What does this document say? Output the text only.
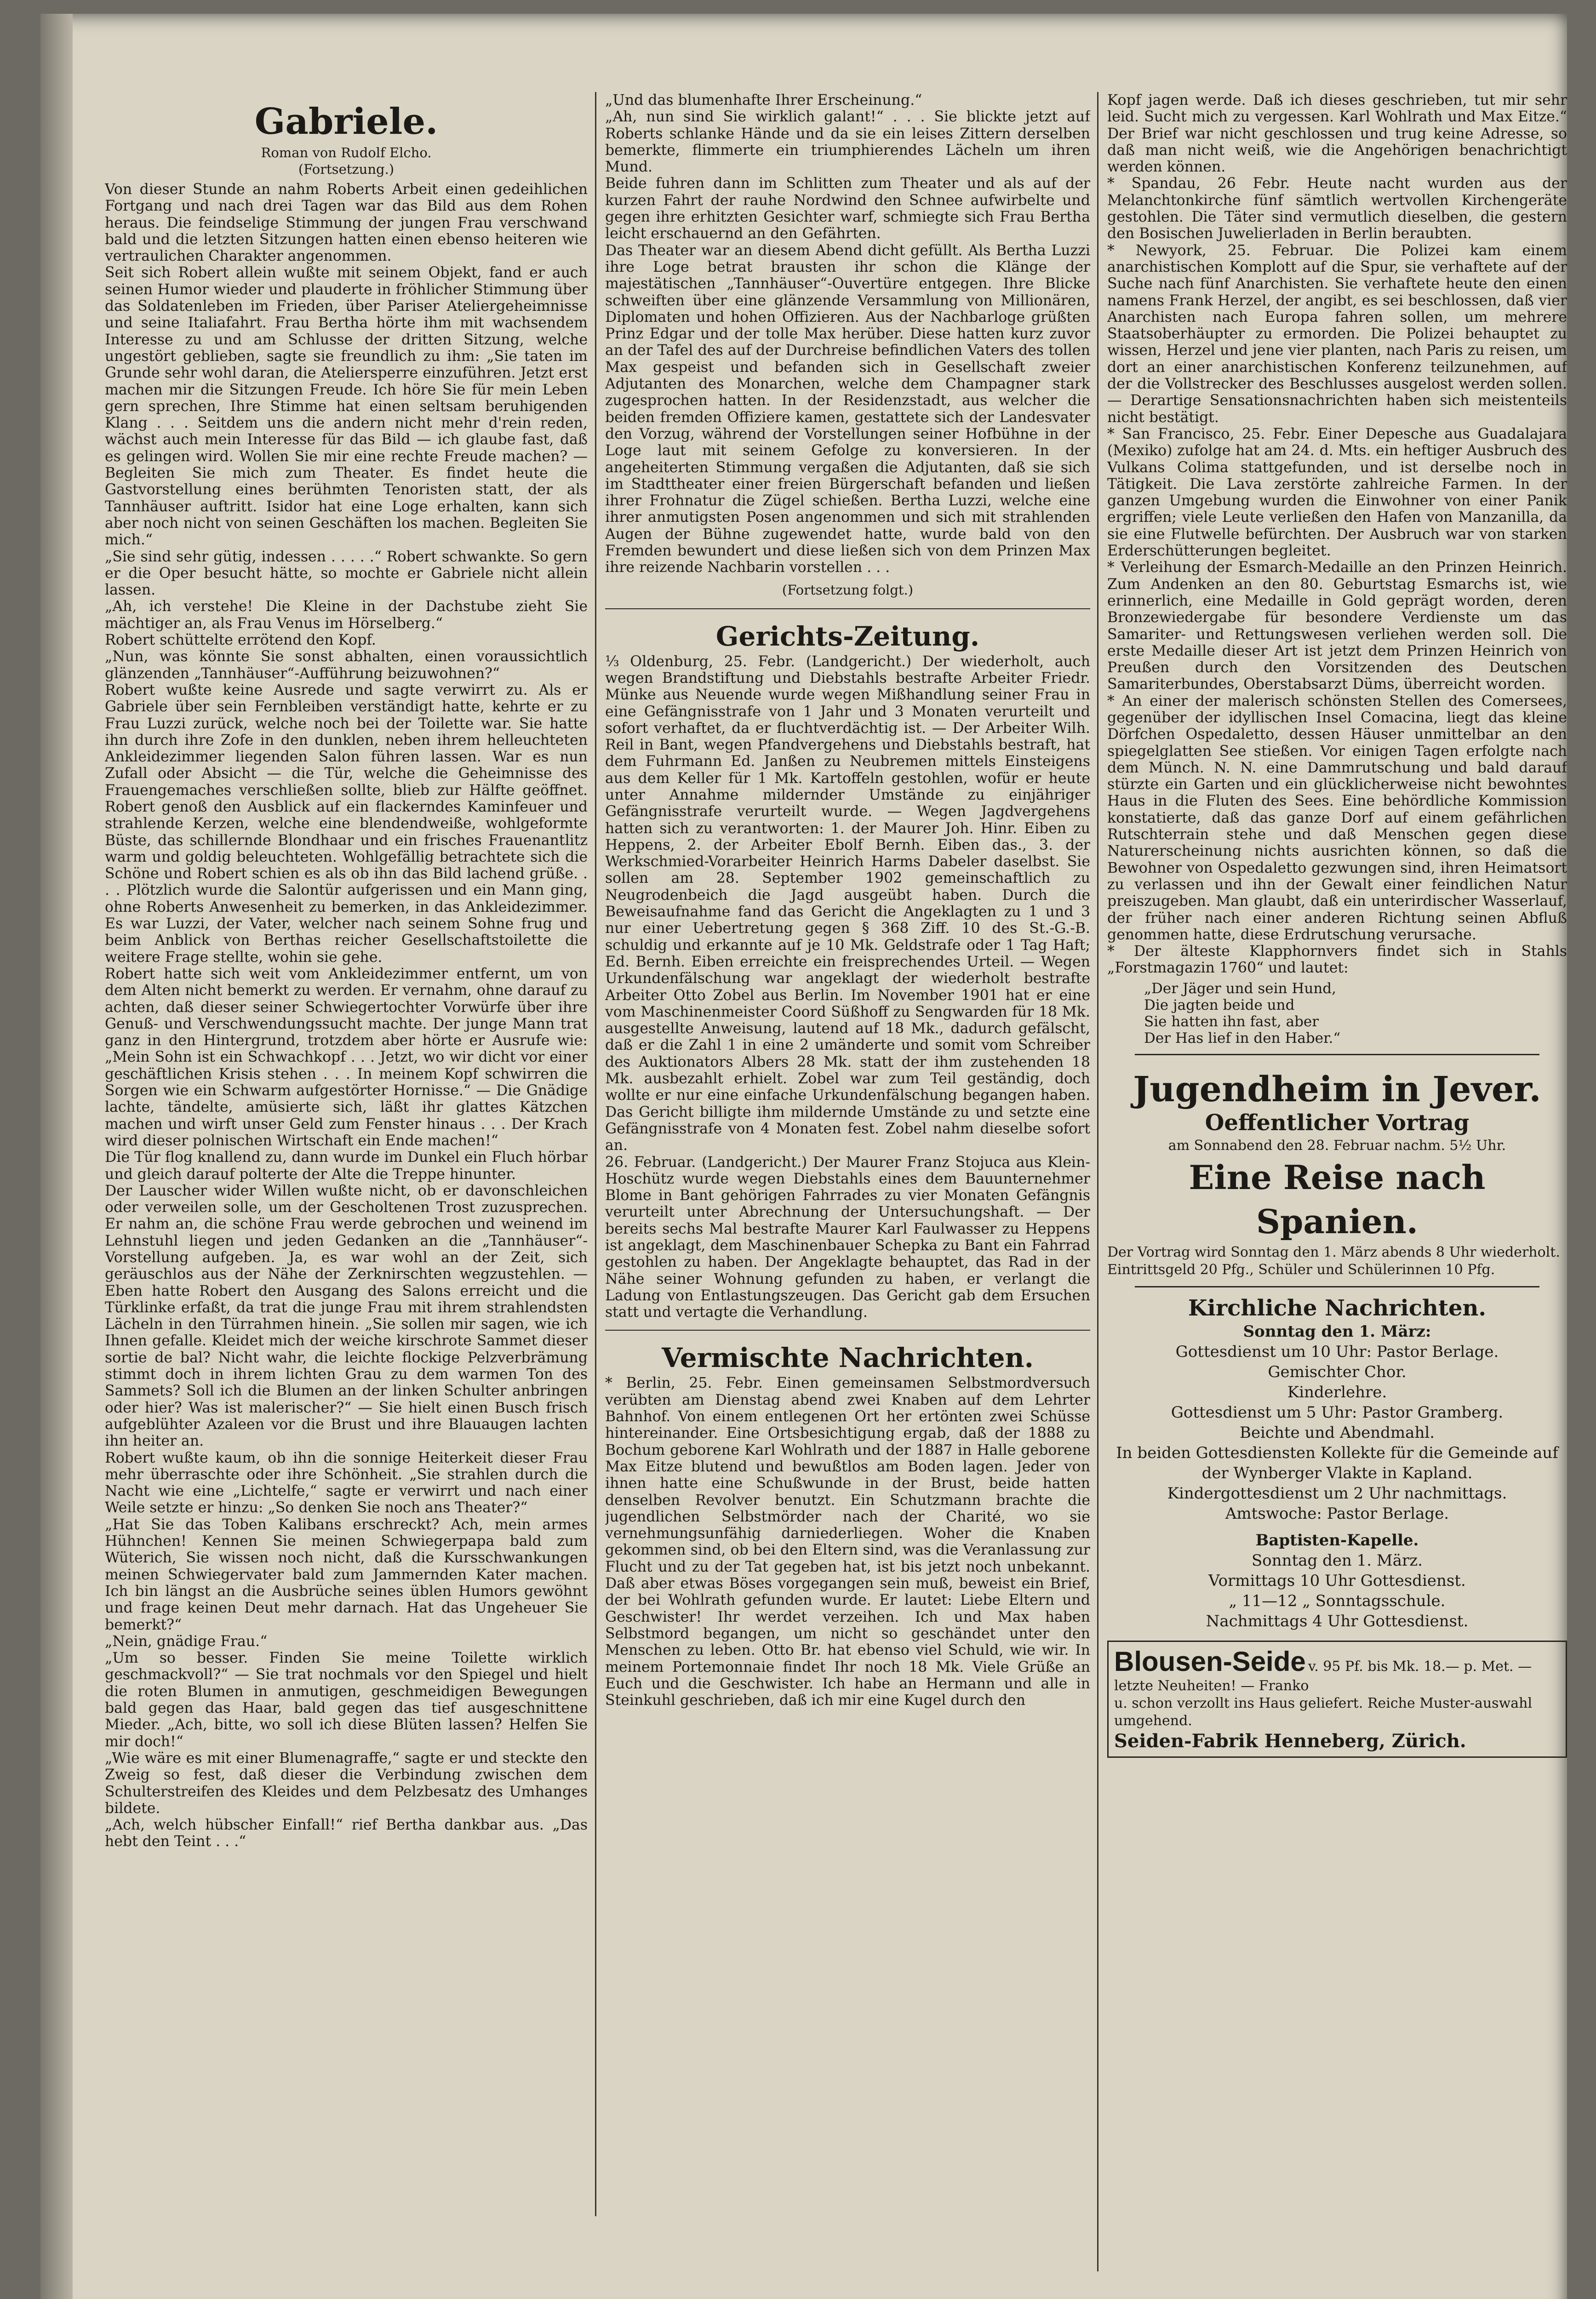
Gabriele.
Roman von Rudolf Elcho.
(Fortsetzung.)

Von dieser Stunde an nahm Roberts Arbeit einen gedeihlichen Fortgang und nach drei Tagen war das Bild aus dem Rohen heraus. Die feindselige Stimmung der jungen Frau verschwand bald und die letzten Sitzungen hatten einen ebenso heiteren wie vertraulichen Charakter angenommen.

Seit sich Robert allein wußte mit seinem Objekt, fand er auch seinen Humor wieder und plauderte in fröhlicher Stimmung über das Soldatenleben im Frieden, über Pariser Ateliergeheimnisse und seine Italiafahrt. Frau Bertha hörte ihm mit wachsendem Interesse zu und am Schlusse der dritten Sitzung, welche ungestört geblieben, sagte sie freundlich zu ihm: „Sie taten im Grunde sehr wohl daran, die Ateliersperre einzuführen. Jetzt erst machen mir die Sitzungen Freude. Ich höre Sie für mein Leben gern sprechen, Ihre Stimme hat einen seltsam beruhigenden Klang . . . Seitdem uns die andern nicht mehr d'rein reden, wächst auch mein Interesse für das Bild — ich glaube fast, daß es gelingen wird. Wollen Sie mir eine rechte Freude machen? — Begleiten Sie mich zum Theater. Es findet heute die Gastvorstellung eines berühmten Tenoristen statt, der als Tannhäuser auftritt. Isidor hat eine Loge erhalten, kann sich aber noch nicht von seinen Geschäften los machen. Begleiten Sie mich.“

„Sie sind sehr gütig, indessen . . . . .“ Robert schwankte. So gern er die Oper besucht hätte, so mochte er Gabriele nicht allein lassen.

„Ah, ich verstehe! Die Kleine in der Dachstube zieht Sie mächtiger an, als Frau Venus im Hörselberg.“

Robert schüttelte errötend den Kopf.

„Nun, was könnte Sie sonst abhalten, einen voraussichtlich glänzenden „Tannhäuser“-Aufführung beizuwohnen?“

Robert wußte keine Ausrede und sagte verwirrt zu. Als er Gabriele über sein Fernbleiben verständigt hatte, kehrte er zu Frau Luzzi zurück, welche noch bei der Toilette war. Sie hatte ihn durch ihre Zofe in den dunklen, neben ihrem helleuchteten Ankleidezimmer liegenden Salon führen lassen. War es nun Zufall oder Absicht — die Tür, welche die Geheimnisse des Frauengemaches verschließen sollte, blieb zur Hälfte geöffnet. Robert genoß den Ausblick auf ein flackerndes Kaminfeuer und strahlende Kerzen, welche eine blendendweiße, wohlgeformte Büste, das schillernde Blondhaar und ein frisches Frauenantlitz warm und goldig beleuchteten. Wohlgefällig betrachtete sich die Schöne und Robert schien es als ob ihn das Bild lachend grüße. . . . Plötzlich wurde die Salontür aufgerissen und ein Mann ging, ohne Roberts Anwesenheit zu bemerken, in das Ankleidezimmer. Es war Luzzi, der Vater, welcher nach seinem Sohne frug und beim Anblick von Berthas reicher Gesellschaftstoilette die weitere Frage stellte, wohin sie gehe.

Robert hatte sich weit vom Ankleidezimmer entfernt, um von dem Alten nicht bemerkt zu werden. Er vernahm, ohne darauf zu achten, daß dieser seiner Schwiegertochter Vorwürfe über ihre Genuß- und Verschwendungssucht machte. Der junge Mann trat ganz in den Hintergrund, trotzdem aber hörte er Ausrufe wie: „Mein Sohn ist ein Schwachkopf . . . Jetzt, wo wir dicht vor einer geschäftlichen Krisis stehen . . . In meinem Kopf schwirren die Sorgen wie ein Schwarm aufgestörter Hornisse.“ — Die Gnädige lachte, tändelte, amüsierte sich, läßt ihr glattes Kätzchen machen und wirft unser Geld zum Fenster hinaus . . . Der Krach wird dieser polnischen Wirtschaft ein Ende machen!“

Die Tür flog knallend zu, dann wurde im Dunkel ein Fluch hörbar und gleich darauf polterte der Alte die Treppe hinunter.

Der Lauscher wider Willen wußte nicht, ob er davonschleichen oder verweilen solle, um der Gescholtenen Trost zuzusprechen. Er nahm an, die schöne Frau werde gebrochen und weinend im Lehnstuhl liegen und jeden Gedanken an die „Tannhäuser“-Vorstellung aufgeben. Ja, es war wohl an der Zeit, sich geräuschlos aus der Nähe der Zerknirschten wegzustehlen. — Eben hatte Robert den Ausgang des Salons erreicht und die Türklinke erfaßt, da trat die junge Frau mit ihrem strahlendsten Lächeln in den Türrahmen hinein. „Sie sollen mir sagen, wie ich Ihnen gefalle. Kleidet mich der weiche kirschrote Sammet dieser sortie de bal? Nicht wahr, die leichte flockige Pelzverbrämung stimmt doch in ihrem lichten Grau zu dem warmen Ton des Sammets? Soll ich die Blumen an der linken Schulter anbringen oder hier? Was ist malerischer?“ — Sie hielt einen Busch frisch aufgeblühter Azaleen vor die Brust und ihre Blauaugen lachten ihn heiter an.

Robert wußte kaum, ob ihn die sonnige Heiterkeit dieser Frau mehr überraschte oder ihre Schönheit. „Sie strahlen durch die Nacht wie eine „Lichtelfe,“ sagte er verwirrt und nach einer Weile setzte er hinzu: „So denken Sie noch ans Theater?“

„Hat Sie das Toben Kalibans erschreckt? Ach, mein armes Hühnchen! Kennen Sie meinen Schwiegerpapa bald zum Wüterich, Sie wissen noch nicht, daß die Kursschwankungen meinen Schwiegervater bald zum Jammernden Kater machen. Ich bin längst an die Ausbrüche seines üblen Humors gewöhnt und frage keinen Deut mehr darnach. Hat das Ungeheuer Sie bemerkt?“

„Nein, gnädige Frau.“

„Um so besser. Finden Sie meine Toilette wirklich geschmackvoll?“ — Sie trat nochmals vor den Spiegel und hielt die roten Blumen in anmutigen, geschmeidigen Bewegungen bald gegen das Haar, bald gegen das tief ausgeschnittene Mieder. „Ach, bitte, wo soll ich diese Blüten lassen? Helfen Sie mir doch!“

„Wie wäre es mit einer Blumenagraffe,“ sagte er und steckte den Zweig so fest, daß dieser die Verbindung zwischen dem Schulterstreifen des Kleides und dem Pelzbesatz des Umhanges bildete.

„Ach, welch hübscher Einfall!“ rief Bertha dankbar aus. „Das hebt den Teint . . .“

„Und das blumenhafte Ihrer Erscheinung.“

„Ah, nun sind Sie wirklich galant!“ . . . Sie blickte jetzt auf Roberts schlanke Hände und da sie ein leises Zittern derselben bemerkte, flimmerte ein triumphierendes Lächeln um ihren Mund.

Beide fuhren dann im Schlitten zum Theater und als auf der kurzen Fahrt der rauhe Nordwind den Schnee aufwirbelte und gegen ihre erhitzten Gesichter warf, schmiegte sich Frau Bertha leicht erschauernd an den Gefährten.

Das Theater war an diesem Abend dicht gefüllt. Als Bertha Luzzi ihre Loge betrat brausten ihr schon die Klänge der majestätischen „Tannhäuser“-Ouvertüre entgegen. Ihre Blicke schweiften über eine glänzende Versammlung von Millionären, Diplomaten und hohen Offizieren. Aus der Nachbarloge grüßten Prinz Edgar und der tolle Max herüber. Diese hatten kurz zuvor an der Tafel des auf der Durchreise befindlichen Vaters des tollen Max gespeist und befanden sich in Gesellschaft zweier Adjutanten des Monarchen, welche dem Champagner stark zugesprochen hatten. In der Residenzstadt, aus welcher die beiden fremden Offiziere kamen, gestattete sich der Landesvater den Vorzug, während der Vorstellungen seiner Hofbühne in der Loge laut mit seinem Gefolge zu konversieren. In der angeheiterten Stimmung vergaßen die Adjutanten, daß sie sich im Stadttheater einer freien Bürgerschaft befanden und ließen ihrer Frohnatur die Zügel schießen. Bertha Luzzi, welche eine ihrer anmutigsten Posen angenommen und sich mit strahlenden Augen der Bühne zugewendet hatte, wurde bald von den Fremden bewundert und diese ließen sich von dem Prinzen Max ihre reizende Nachbarin vorstellen . . .

(Fortsetzung folgt.)
Gerichts-Zeitung.

⅓ Oldenburg, 25. Febr. (Landgericht.) Der wiederholt, auch wegen Brandstiftung und Diebstahls bestrafte Arbeiter Friedr. Münke aus Neuende wurde wegen Mißhandlung seiner Frau in eine Gefängnisstrafe von 1 Jahr und 3 Monaten verurteilt und sofort verhaftet, da er fluchtverdächtig ist. — Der Arbeiter Wilh. Reil in Bant, wegen Pfandvergehens und Diebstahls bestraft, hat dem Fuhrmann Ed. Janßen zu Neubremen mittels Einsteigens aus dem Keller für 1 Mk. Kartoffeln gestohlen, wofür er heute unter Annahme mildernder Umstände zu einjähriger Gefängnisstrafe verurteilt wurde. — Wegen Jagdvergehens hatten sich zu verantworten: 1. der Maurer Joh. Hinr. Eiben zu Heppens, 2. der Arbeiter Ebolf Bernh. Eiben das., 3. der Werkschmied-Vorarbeiter Heinrich Harms Dabeler daselbst. Sie sollen am 28. September 1902 gemeinschaftlich zu Neugrodenbeich die Jagd ausgeübt haben. Durch die Beweisaufnahme fand das Gericht die Angeklagten zu 1 und 3 nur einer Uebertretung gegen § 368 Ziff. 10 des St.-G.-B. schuldig und erkannte auf je 10 Mk. Geldstrafe oder 1 Tag Haft; Ed. Bernh. Eiben erreichte ein freisprechendes Urteil. — Wegen Urkundenfälschung war angeklagt der wiederholt bestrafte Arbeiter Otto Zobel aus Berlin. Im November 1901 hat er eine vom Maschinenmeister Coord Süßhoff zu Sengwarden für 18 Mk. ausgestellte Anweisung, lautend auf 18 Mk., dadurch gefälscht, daß er die Zahl 1 in eine 2 umänderte und somit vom Schreiber des Auktionators Albers 28 Mk. statt der ihm zustehenden 18 Mk. ausbezahlt erhielt. Zobel war zum Teil geständig, doch wollte er nur eine einfache Urkundenfälschung begangen haben. Das Gericht billigte ihm mildernde Umstände zu und setzte eine Gefängnisstrafe von 4 Monaten fest. Zobel nahm dieselbe sofort an.

26. Februar. (Landgericht.) Der Maurer Franz Stojuca aus Klein-Hoschütz wurde wegen Diebstahls eines dem Bauunternehmer Blome in Bant gehörigen Fahrrades zu vier Monaten Gefängnis verurteilt unter Abrechnung der Untersuchungshaft. — Der bereits sechs Mal bestrafte Maurer Karl Faulwasser zu Heppens ist angeklagt, dem Maschinenbauer Schepka zu Bant ein Fahrrad gestohlen zu haben. Der Angeklagte behauptet, das Rad in der Nähe seiner Wohnung gefunden zu haben, er verlangt die Ladung von Entlastungszeugen. Das Gericht gab dem Ersuchen statt und vertagte die Verhandlung.

Vermischte Nachrichten.

* Berlin, 25. Febr. Einen gemeinsamen Selbstmordversuch verübten am Dienstag abend zwei Knaben auf dem Lehrter Bahnhof. Von einem entlegenen Ort her ertönten zwei Schüsse hintereinander. Eine Ortsbesichtigung ergab, daß der 1888 zu Bochum geborene Karl Wohlrath und der 1887 in Halle geborene Max Eitze blutend und bewußtlos am Boden lagen. Jeder von ihnen hatte eine Schußwunde in der Brust, beide hatten denselben Revolver benutzt. Ein Schutzmann brachte die jugendlichen Selbstmörder nach der Charité, wo sie vernehmungsunfähig darniederliegen. Woher die Knaben gekommen sind, ob bei den Eltern sind, was die Veranlassung zur Flucht und zu der Tat gegeben hat, ist bis jetzt noch unbekannt. Daß aber etwas Böses vorgegangen sein muß, beweist ein Brief, der bei Wohlrath gefunden wurde. Er lautet: Liebe Eltern und Geschwister! Ihr werdet verzeihen. Ich und Max haben Selbstmord begangen, um nicht so geschändet unter den Menschen zu leben. Otto Br. hat ebenso viel Schuld, wie wir. In meinem Portemonnaie findet Ihr noch 18 Mk. Viele Grüße an Euch und die Geschwister. Ich habe an Hermann und alle in Steinkuhl geschrieben, daß ich mir eine Kugel durch den

Kopf jagen werde. Daß ich dieses geschrieben, tut mir sehr leid. Sucht mich zu vergessen. Karl Wohlrath und Max Eitze.“ Der Brief war nicht geschlossen und trug keine Adresse, so daß man nicht weiß, wie die Angehörigen benachrichtigt werden können.

* Spandau, 26 Febr. Heute nacht wurden aus der Melanchtonkirche fünf sämtlich wertvollen Kirchengeräte gestohlen. Die Täter sind vermutlich dieselben, die gestern den Bosischen Juwelierladen in Berlin beraubten.

* Newyork, 25. Februar. Die Polizei kam einem anarchistischen Komplott auf die Spur, sie verhaftete auf der Suche nach fünf Anarchisten. Sie verhaftete heute den einen namens Frank Herzel, der angibt, es sei beschlossen, daß vier Anarchisten nach Europa fahren sollen, um mehrere Staatsoberhäupter zu ermorden. Die Polizei behauptet zu wissen, Herzel und jene vier planten, nach Paris zu reisen, um dort an einer anarchistischen Konferenz teilzunehmen, auf der die Vollstrecker des Beschlusses ausgelost werden sollen. — Derartige Sensationsnachrichten haben sich meistenteils nicht bestätigt.

* San Francisco, 25. Febr. Einer Depesche aus Guadalajara (Mexiko) zufolge hat am 24. d. Mts. ein heftiger Ausbruch des Vulkans Colima stattgefunden, und ist derselbe noch in Tätigkeit. Die Lava zerstörte zahlreiche Farmen. In der ganzen Umgebung wurden die Einwohner von einer Panik ergriffen; viele Leute verließen den Hafen von Manzanilla, da sie eine Flutwelle befürchten. Der Ausbruch war von starken Erderschütterungen begleitet.

* Verleihung der Esmarch-Medaille an den Prinzen Heinrich. Zum Andenken an den 80. Geburtstag Esmarchs ist, wie erinnerlich, eine Medaille in Gold geprägt worden, deren Bronzewiedergabe für besondere Verdienste um das Samariter- und Rettungswesen verliehen werden soll. Die erste Medaille dieser Art ist jetzt dem Prinzen Heinrich von Preußen durch den Vorsitzenden des Deutschen Samariterbundes, Oberstabsarzt Düms, überreicht worden.

* An einer der malerisch schönsten Stellen des Comersees, gegenüber der idyllischen Insel Comacina, liegt das kleine Dörfchen Ospedaletto, dessen Häuser unmittelbar an den spiegelglatten See stießen. Vor einigen Tagen erfolgte nach dem Münch. N. N. eine Dammrutschung und bald darauf stürzte ein Garten und ein glücklicherweise nicht bewohntes Haus in die Fluten des Sees. Eine behördliche Kommission konstatierte, daß das ganze Dorf auf einem gefährlichen Rutschterrain stehe und daß Menschen gegen diese Naturerscheinung nichts ausrichten können, so daß die Bewohner von Ospedaletto gezwungen sind, ihren Heimatsort zu verlassen und ihn der Gewalt einer feindlichen Natur preiszugeben. Man glaubt, daß ein unterirdischer Wasserlauf, der früher nach einer anderen Richtung seinen Abfluß genommen hatte, diese Erdrutschung verursache.

* Der älteste Klapphornvers findet sich in Stahls „Forstmagazin 1760“ und lautet:

„Der Jäger und sein Hund,
Die jagten beide und
Sie hatten ihn fast, aber
Der Has lief in den Haber.“
Jugendheim in Jever.
Oeffentlicher Vortrag
am Sonnabend den 28. Februar nachm. 5½ Uhr.
Eine Reise nach Spanien.
Der Vortrag wird Sonntag den 1. März abends 8 Uhr wiederholt.
Eintrittsgeld 20 Pfg., Schüler und Schülerinnen 10 Pfg.
Kirchliche Nachrichten.
Sonntag den 1. März:
Gottesdienst um 10 Uhr: Pastor Berlage.
Gemischter Chor.
Kinderlehre.
Gottesdienst um 5 Uhr: Pastor Gramberg.
Beichte und Abendmahl.
In beiden Gottesdiensten Kollekte für die Gemeinde auf der Wynberger Vlakte in Kapland.
Kindergottesdienst um 2 Uhr nachmittags.
Amtswoche: Pastor Berlage.
Baptisten-Kapelle.
Sonntag den 1. März.
Vormittags 10 Uhr Gottesdienst.
„ 11—12 „ Sonntagsschule.
Nachmittags 4 Uhr Gottesdienst.
Blousen-Seide v. 95 Pf. bis Mk. 18.— p. Met. — letzte Neuheiten! — Franko
u. schon verzollt ins Haus geliefert. Reiche Muster-auswahl umgehend.
Seiden-Fabrik Henneberg, Zürich.
